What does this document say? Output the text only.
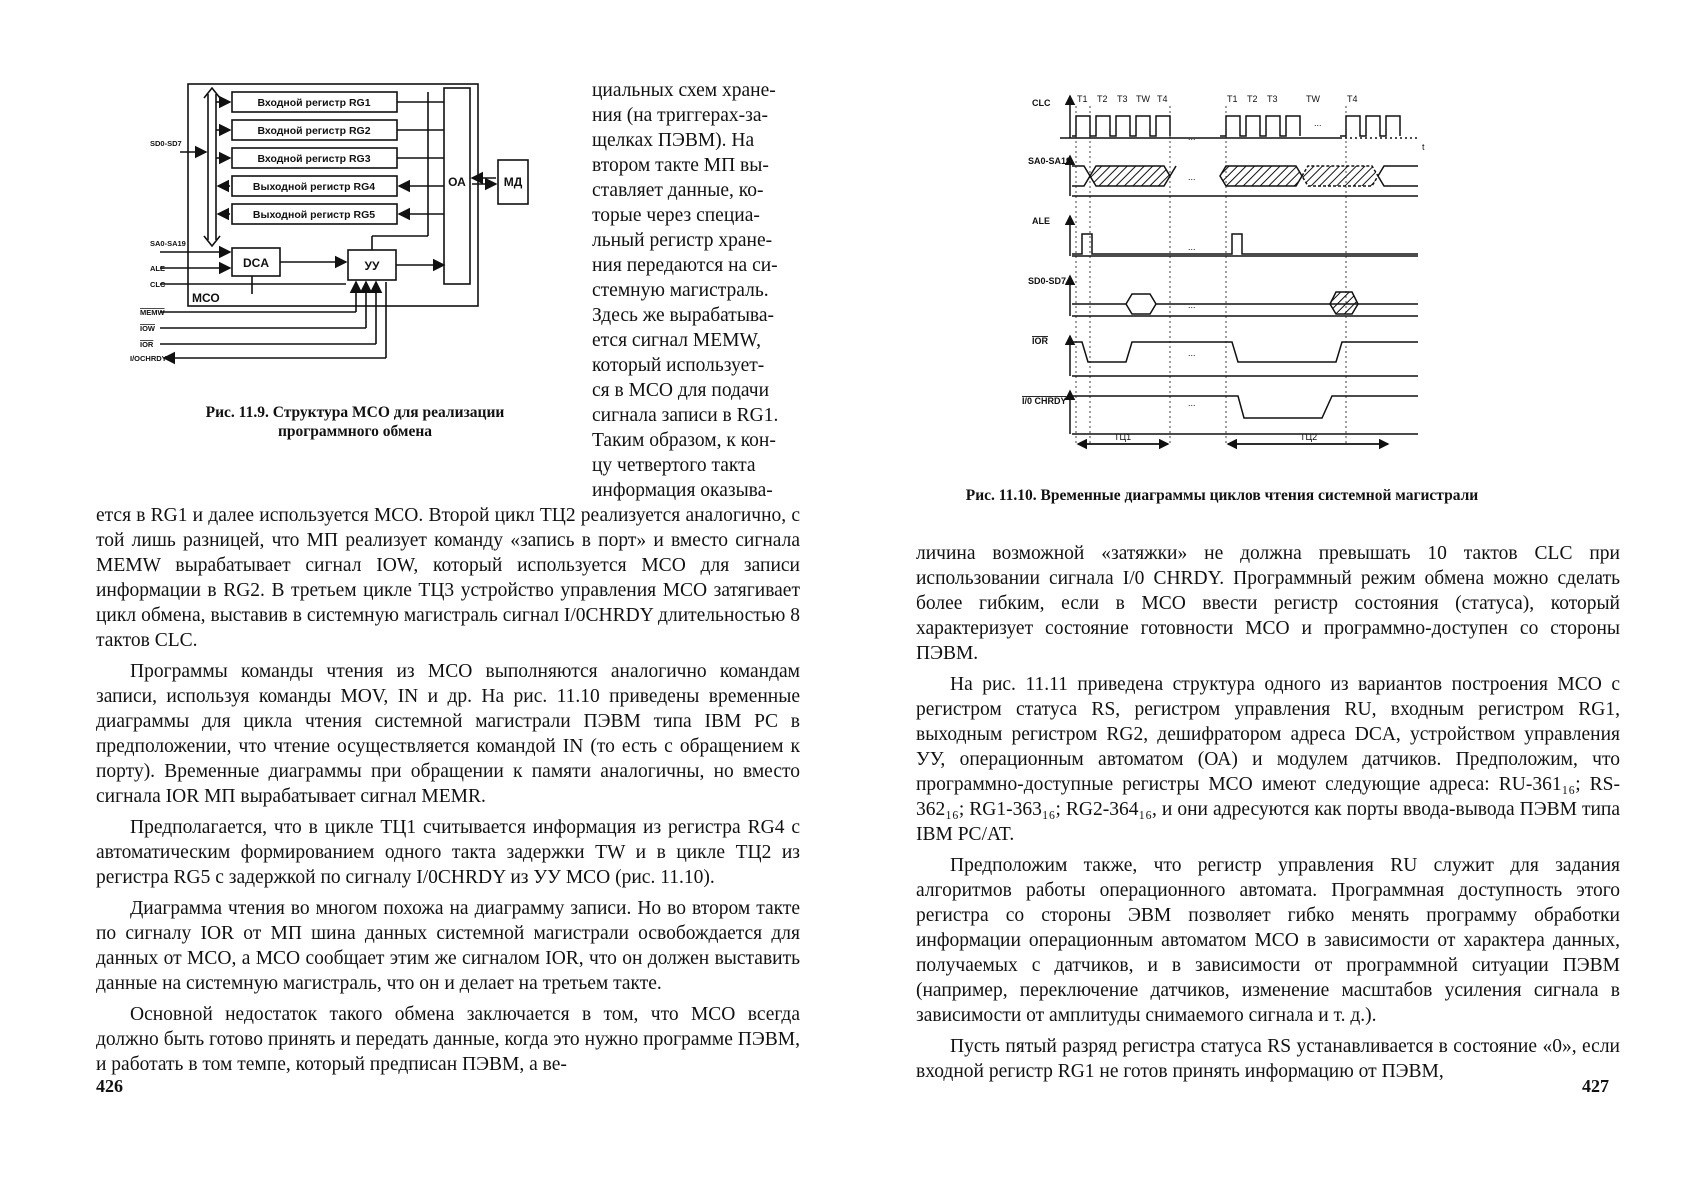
Входной регистр RG1
Входной регистр RG2
Входной регистр RG3
Выходной регистр RG4
Выходной регистр RG5
ОА	МД
DCA	УУ
МСО
SD0-SD7
SA0-SA19
ALE
CLC
MEMW
IOW
IOR
I/OCHRDY
Рис. 11.9. Структура МСО для реализации программного обмена

циальных схем хране-

ния (на триггерах-за-

щелках ПЭВМ). На

втором такте МП вы-

ставляет данные, ко-

торые через специа-

льный регистр хране-

ния передаются на си-

стемную магистраль.

Здесь же вырабатыва-

ется сигнал MEMW,

который использует-

ся в МСО для подачи

сигнала записи в RG1.

Таким образом, к кон-

цу четвертого такта

информация оказыва-

ется в RG1 и далее используется МСО. Второй цикл ТЦ2 реализуется аналогично, с той лишь разницей, что МП реализует команду «запись в порт» и вместо сигнала MEMW вырабатывает сигнал IOW, который используется МСО для записи информации в RG2. В третьем цикле ТЦ3 устройство управления МСО затягивает цикл обмена, выставив в системную магистраль сигнал I/0CHRDY длительностью 8 тактов CLC.

Программы команды чтения из МСО выполняются аналогично командам записи, используя команды MOV, IN и др. На рис. 11.10 приведены временные диаграммы для цикла чтения системной магистрали ПЭВМ типа IBM PC в предположении, что чтение осуществляется командой IN (то есть с обращением к порту). Временные диаграммы при обращении к памяти аналогичны, но вместо сигнала IOR МП вырабатывает сигнал MEMR.

Предполагается, что в цикле ТЦ1 считывается информация из регистра RG4 с автоматическим формированием одного такта задержки TW и в цикле ТЦ2 из регистра RG5 с задержкой по сигналу I/0CHRDY из УУ МСО (рис. 11.10).

Диаграмма чтения во многом похожа на диаграмму записи. Но во втором такте по сигналу IOR от МП шина данных системной магистрали освобождается для данных от МСО, а МСО сообщает этим же сигналом IOR, что он должен выставить данные на системную магистраль, что он и делает на третьем такте.

Основной недостаток такого обмена заключается в том, что МСО всегда должно быть готово принять и передать данные, когда это нужно программе ПЭВМ, и работать в том темпе, который предписан ПЭВМ, а ве-

426
CLC
SA0-SA19
ALE
SD0-SD7
IOR
I/0 CHRDY
T1 T2 T3 TW T4	T1 T2 T3	TW	T4
...
...
...
...
...
...
...
t
ТЦ1	ТЦ2
Рис. 11.10. Временные диаграммы циклов чтения системной магистрали

личина возможной «затяжки» не должна превышать 10 тактов CLC при использовании сигнала I/0 CHRDY. Программный режим обмена можно сделать более гибким, если в МСО ввести регистр состояния (статуса), который характеризует состояние готовности МСО и программно-доступен со стороны ПЭВМ.

На рис. 11.11 приведена структура одного из вариантов построения МСО с регистром статуса RS, регистром управления RU, входным регистром RG1, выходным регистром RG2, дешифратором адреса DCA, устройством управления УУ, операционным автоматом (ОА) и модулем датчиков. Предположим, что программно-доступные регистры МСО имеют следующие адреса: RU-361₁₆; RS-362₁₆; RG1-363₁₆; RG2-364₁₆, и они адресуются как порты ввода-вывода ПЭВМ типа IBM PC/AT.

Предположим также, что регистр управления RU служит для задания алгоритмов работы операционного автомата. Программная доступность этого регистра со стороны ЭВМ позволяет гибко менять программу обработки информации операционным автоматом МСО в зависимости от характера данных, получаемых с датчиков, и в зависимости от программной ситуации ПЭВМ (например, переключение датчиков, изменение масштабов усиления сигнала в зависимости от амплитуды снимаемого сигнала и т. д.).

Пусть пятый разряд регистра статуса RS устанавливается в состояние «0», если входной регистр RG1 не готов принять информацию от ПЭВМ,

427
